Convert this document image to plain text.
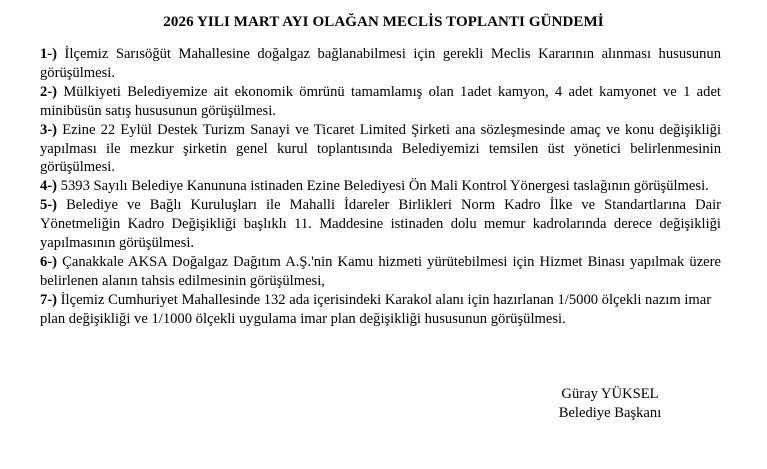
2026 YILI MART AYI OLAĞAN MECLİS TOPLANTI GÜNDEMİ
1-) İlçemiz Sarısöğüt Mahallesine doğalgaz bağlanabilmesi için gerekli Meclis Kararının alınması hususunun görüşülmesi.
2-) Mülkiyeti Belediyemize ait ekonomik ömrünü tamamlamış olan 1adet kamyon, 4 adet kamyonet ve 1 adet minibüsün satış hususunun görüşülmesi.
3-) Ezine 22 Eylül Destek Turizm Sanayi ve Ticaret Limited Şirketi ana sözleşmesinde amaç ve konu değişikliği yapılması ile mezkur şirketin genel kurul toplantısında Belediyemizi temsilen üst yönetici belirlenmesinin görüşülmesi.
4-) 5393 Sayılı Belediye Kanununa istinaden Ezine Belediyesi Ön Mali Kontrol Yönergesi taslağının görüşülmesi.
5-) Belediye ve Bağlı Kuruluşları ile Mahalli İdareler Birlikleri Norm Kadro İlke ve Standartlarına Dair Yönetmeliğin Kadro Değişikliği başlıklı 11. Maddesine istinaden dolu memur kadrolarında derece değişikliği yapılmasının görüşülmesi.
6-) Çanakkale AKSA Doğalgaz Dağıtım A.Ş.'nin Kamu hizmeti yürütebilmesi için Hizmet Binası yapılmak üzere belirlenen alanın tahsis edilmesinin görüşülmesi,
7-) İlçemiz Cumhuriyet Mahallesinde 132 ada içerisindeki Karakol alanı için hazırlanan 1/5000 ölçekli nazım imar plan değişikliği ve 1/1000 ölçekli uygulama imar plan değişikliği hususunun görüşülmesi.
Güray YÜKSEL
Belediye Başkanı
